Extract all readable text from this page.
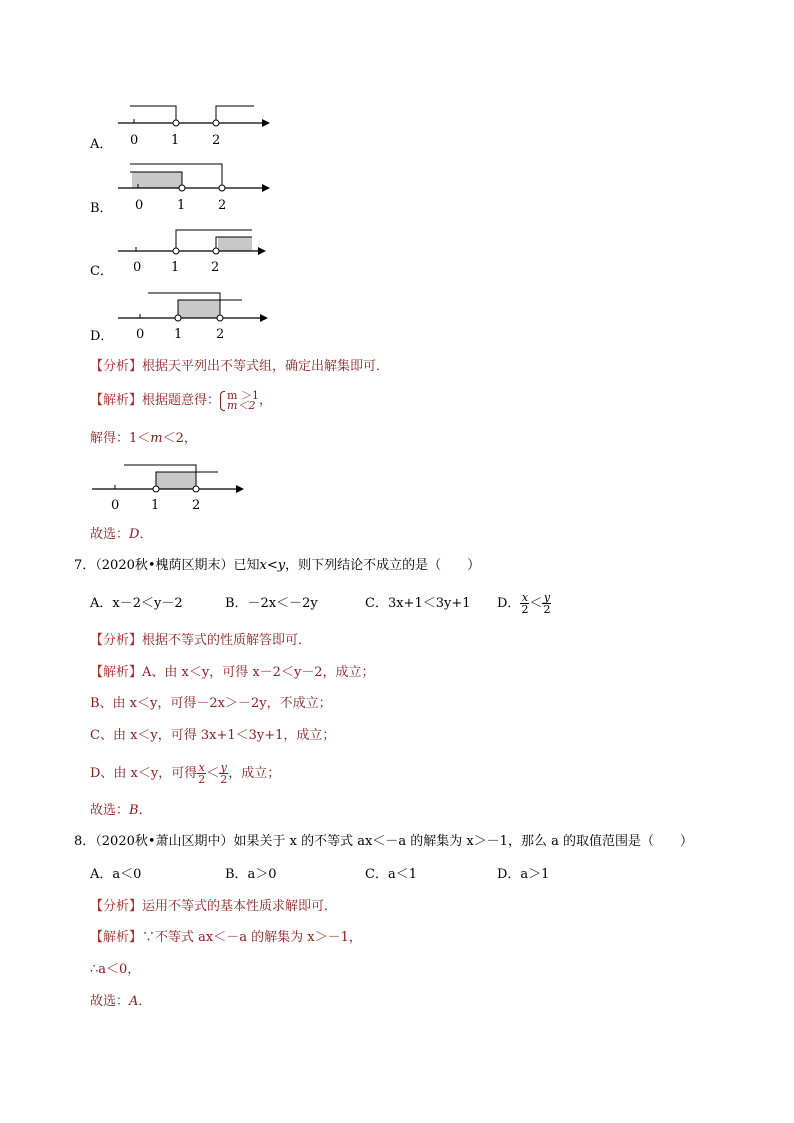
0	1	2
A．
0	1	2
B．
0 1 2
C．
0 1	2
D．
【分析】根据天平列出不等式组，确定出解集即可．
【解析】根据题意得： m ＞1
m＜2 ，
解得：1＜m＜2，
0 1	2
故选：D．
7．（2020秋•槐荫区期末）已知x<y，则下列结论不成立的是（　　）
A．x－2＜y－2	B．－2x＜－2y	C．3x+1＜3y+1 D． $\frac{x}{2} < \frac{y}{2}$
【分析】根据不等式的性质解答即可．
【解析】A、由 x＜y，可得 x－2＜y－2，成立；
B、由 x＜y，可得－2x＞－2y，不成立；
C、由 x＜y，可得 3x+1＜3y+1，成立；
D、由 x＜y，可得 $\frac{x}{2} < \frac{y}{2}$ ，成立；
故选：B．
8．（2020秋•萧山区期中）如果关于 x 的不等式 ax＜－a 的解集为 x＞－1，那么 a 的取值范围是（　　）
A．a＜0	B．a＞0	C．a＜1	D．a＞1
【分析】运用不等式的基本性质求解即可．
【解析】∵不等式 ax＜－a 的解集为 x＞－1，
∴a＜0，
故选：A．
